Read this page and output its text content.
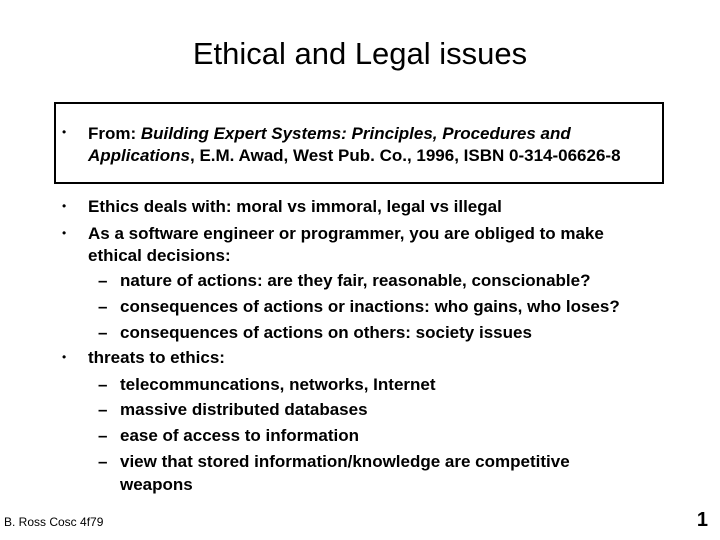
Ethical and Legal issues
• From: Building Expert Systems: Principles, Procedures and
Applications, E.M. Awad, West Pub. Co., 1996, ISBN 0-314-06626-8
• Ethics deals with: moral vs immoral, legal vs illegal
• As a software engineer or programmer, you are obliged to make
ethical decisions:
– nature of actions: are they fair, reasonable, conscionable?
– consequences of actions or inactions: who gains, who loses?
– consequences of actions on others: society issues
• threats to ethics:
– telecommuncations, networks, Internet
– massive distributed databases
– ease of access to information
– view that stored information/knowledge are competitive
weapons
B. Ross Cosc 4f79	1
